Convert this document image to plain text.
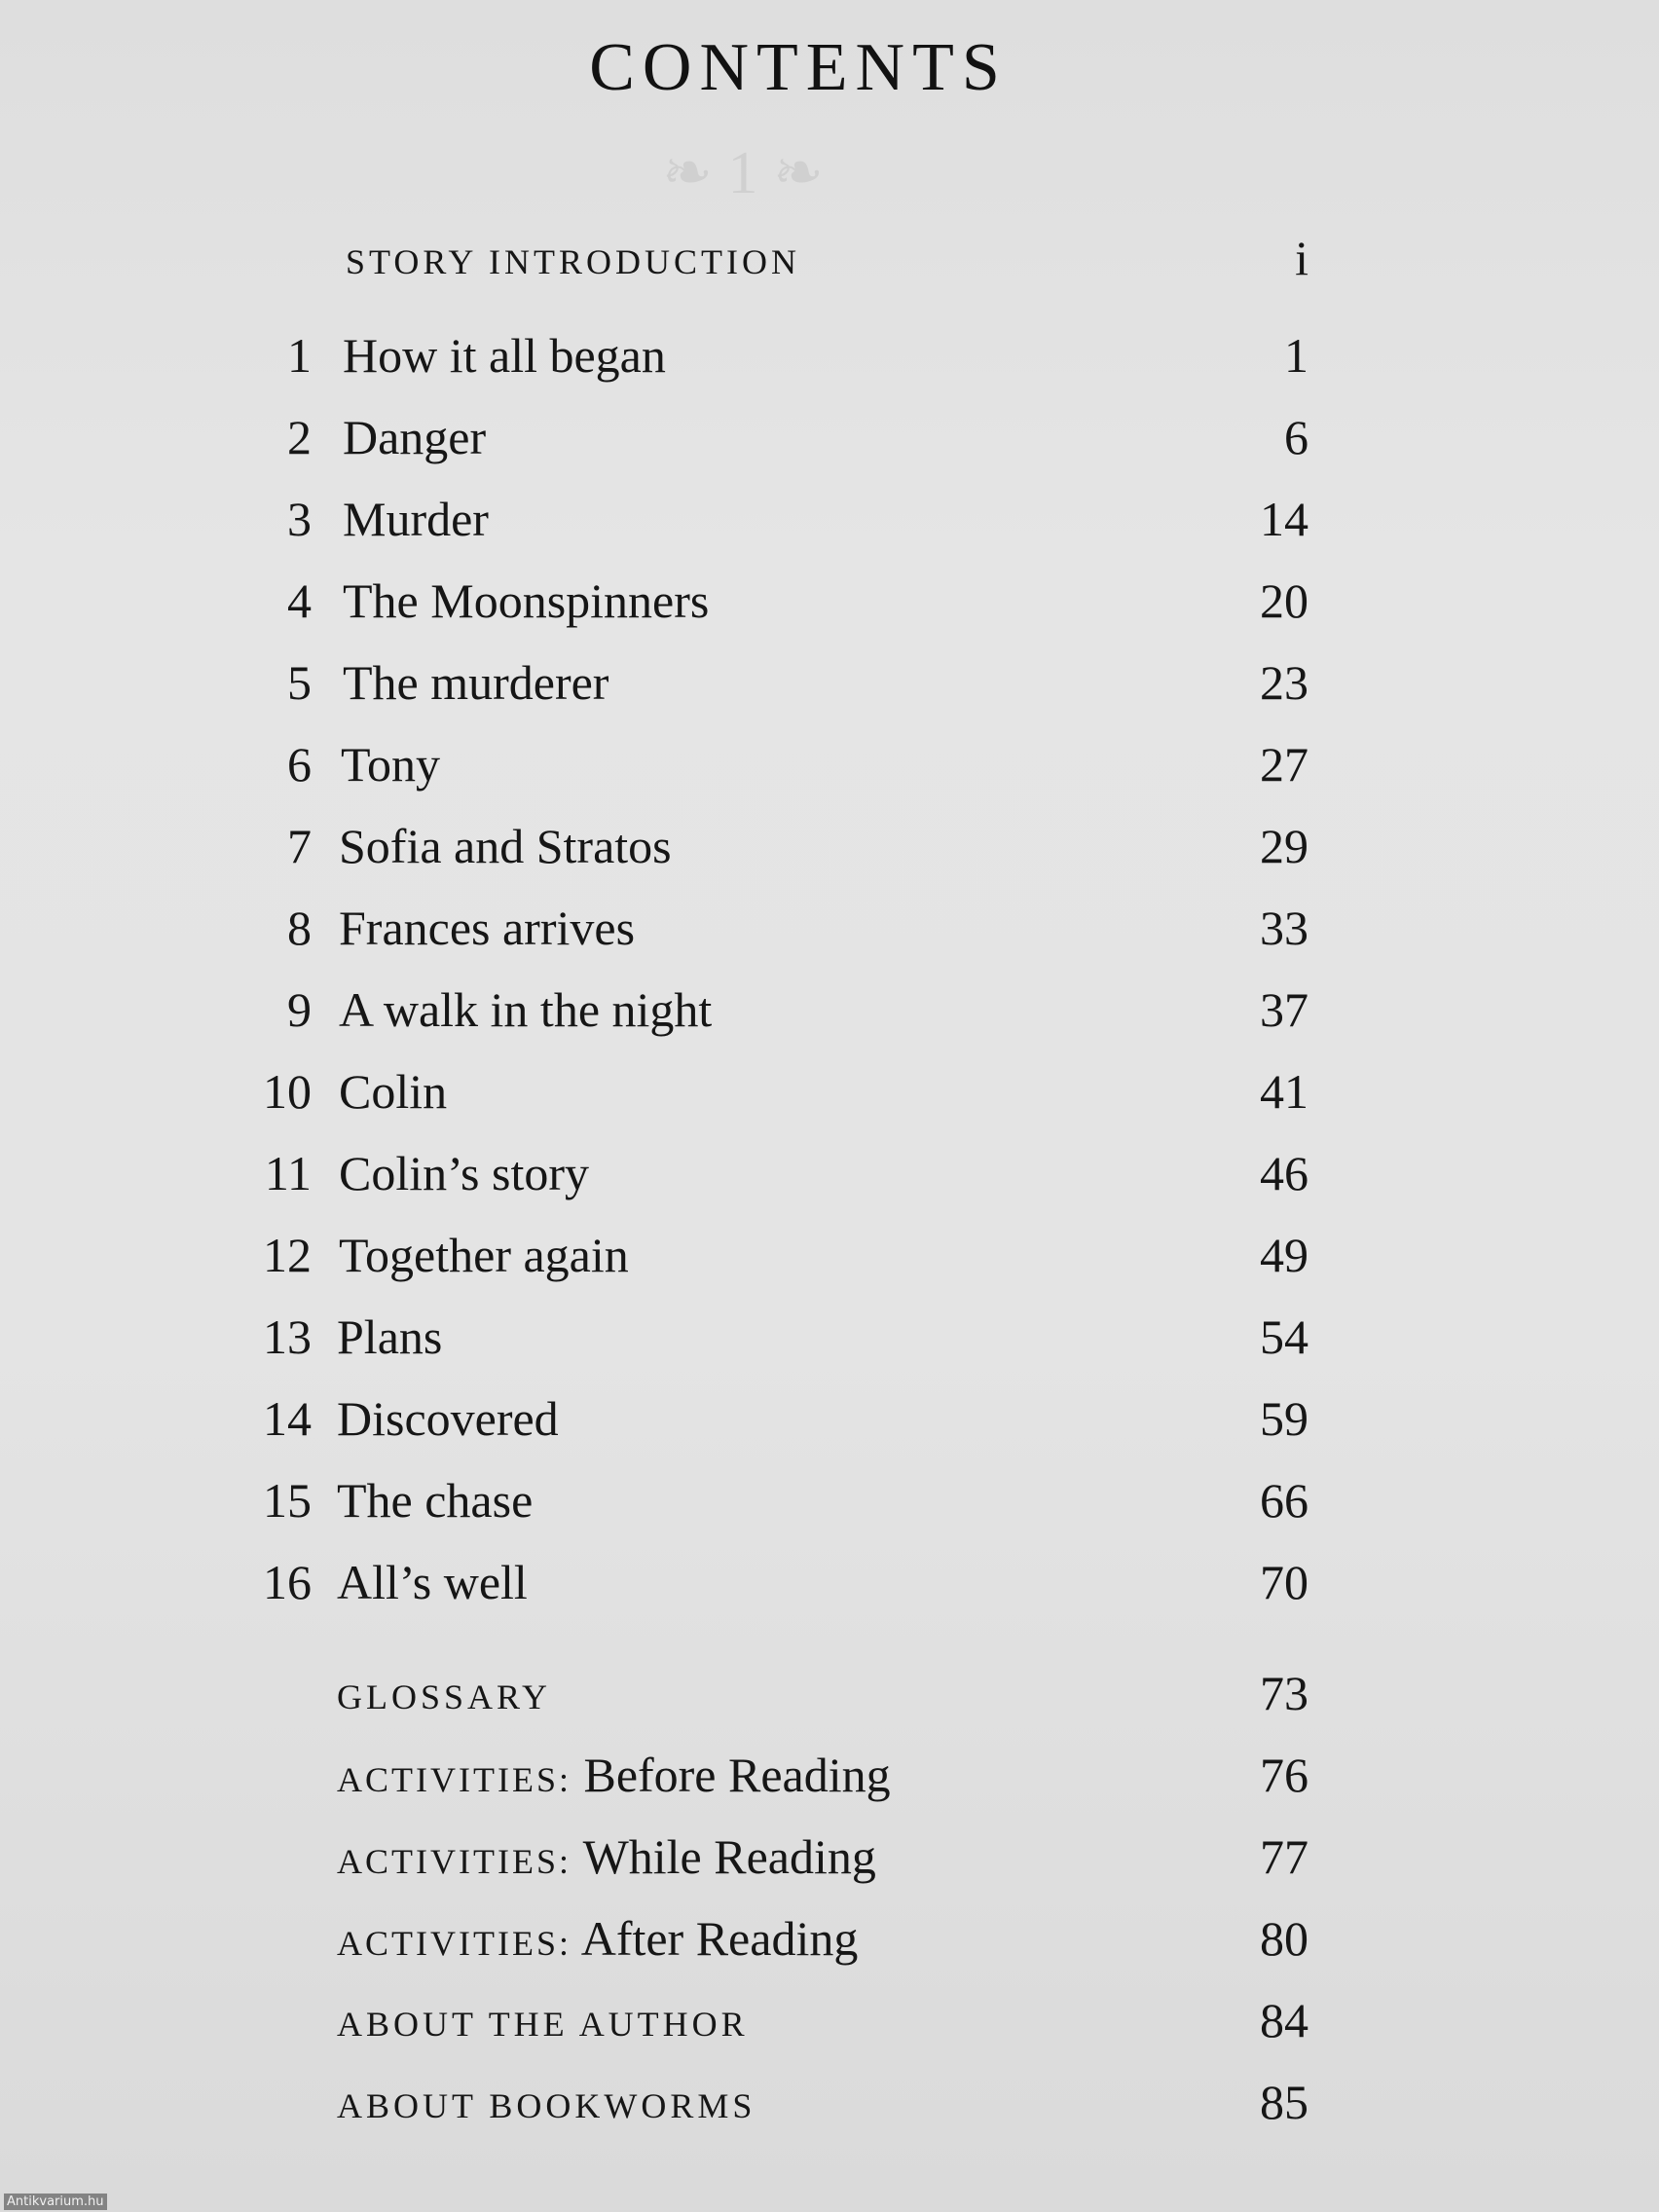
❧ 1 ❧
CONTENTS
STORY INTRODUCTION	i
1 How it all began	1
2 Danger	6
3 Murder	14
4 The Moonspinners	20
5 The murderer	23
6 Tony	27
7 Sofia and Stratos	29
8 Frances arrives	33
9 A walk in the night	37
10 Colin	41
11 Colin’s story	46
12 Together again	49
13 Plans	54
14 Discovered	59
15 The chase	66
16 All’s well	70
GLOSSARY	73
ACTIVITIES: Before Reading	76
ACTIVITIES: While Reading	77
ACTIVITIES: After Reading	80
ABOUT THE AUTHOR	84
ABOUT BOOKWORMS	85
Antikvarium.hu
